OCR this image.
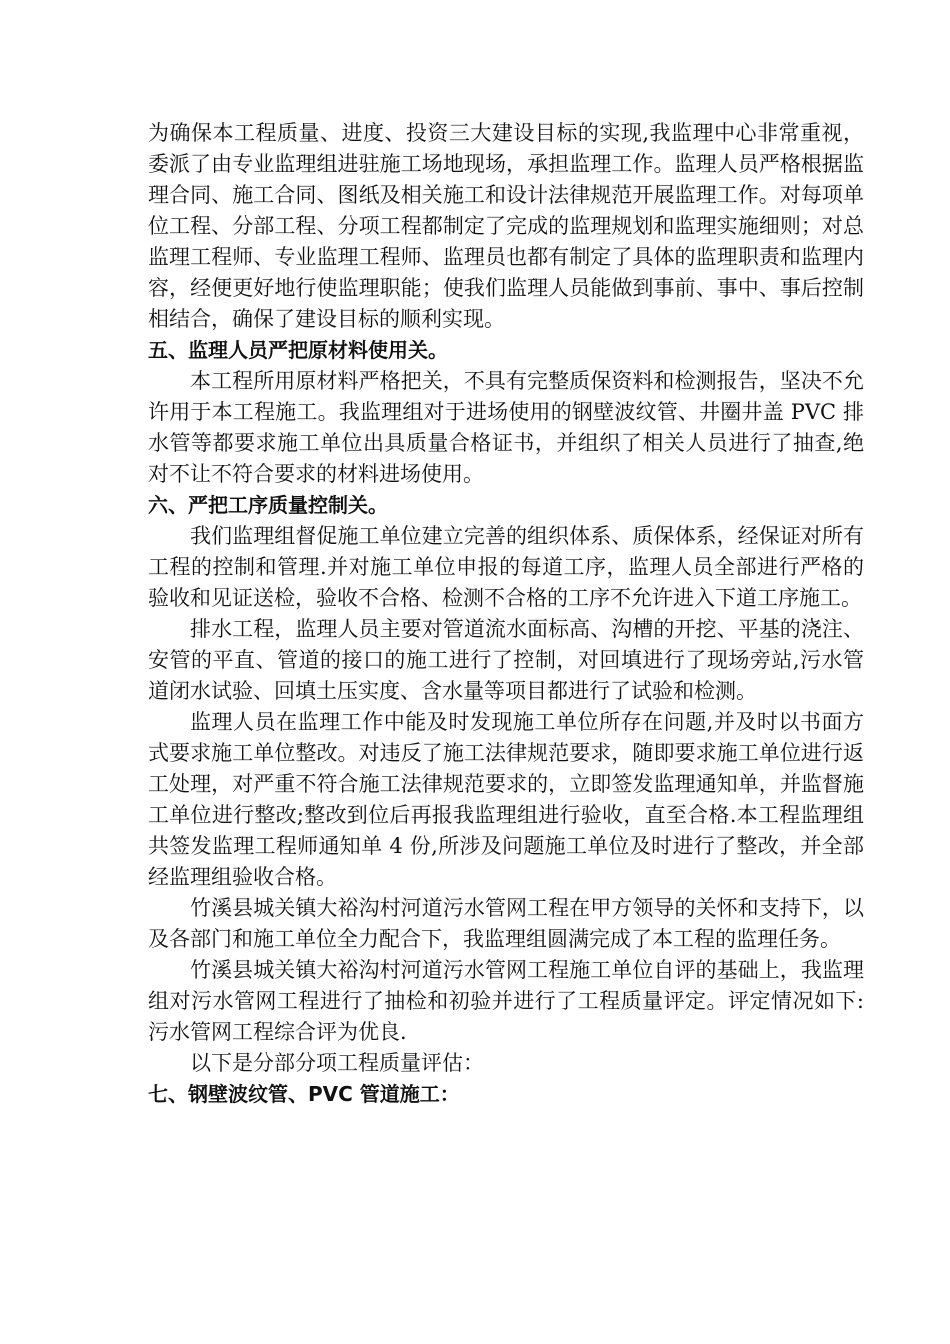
为确保本工程质量、进度、投资三大建设目标的实现,我监理中心非常重视，委派了由专业监理组进驻施工场地现场，承担监理工作。监理人员严格根据监理合同、施工合同、图纸及相关施工和设计法律规范开展监理工作。对每项单位工程、分部工程、分项工程都制定了完成的监理规划和监理实施细则；对总监理工程师、专业监理工程师、监理员也都有制定了具体的监理职责和监理内容，经便更好地行使监理职能；使我们监理人员能做到事前、事中、事后控制相结合，确保了建设目标的顺利实现。

五、监理人员严把原材料使用关。

本工程所用原材料严格把关，不具有完整质保资料和检测报告，坚决不允许用于本工程施工。我监理组对于进场使用的钢壁波纹管、井圈井盖 PVC 排水管等都要求施工单位出具质量合格证书，并组织了相关人员进行了抽查,绝对不让不符合要求的材料进场使用。

六、严把工序质量控制关。

我们监理组督促施工单位建立完善的组织体系、质保体系，经保证对所有工程的控制和管理.并对施工单位申报的每道工序，监理人员全部进行严格的验收和见证送检，验收不合格、检测不合格的工序不允许进入下道工序施工。

排水工程，监理人员主要对管道流水面标高、沟槽的开挖、平基的浇注、安管的平直、管道的接口的施工进行了控制，对回填进行了现场旁站,污水管道闭水试验、回填土压实度、含水量等项目都进行了试验和检测。

监理人员在监理工作中能及时发现施工单位所存在问题,并及时以书面方式要求施工单位整改。对违反了施工法律规范要求，随即要求施工单位进行返工处理，对严重不符合施工法律规范要求的，立即签发监理通知单，并监督施工单位进行整改;整改到位后再报我监理组进行验收，直至合格.本工程监理组共签发监理工程师通知单 4 份,所涉及问题施工单位及时进行了整改，并全部经监理组验收合格。

竹溪县城关镇大裕沟村河道污水管网工程在甲方领导的关怀和支持下，以及各部门和施工单位全力配合下，我监理组圆满完成了本工程的监理任务。

竹溪县城关镇大裕沟村河道污水管网工程施工单位自评的基础上，我监理组对污水管网工程进行了抽检和初验并进行了工程质量评定。评定情况如下:污水管网工程综合评为优良.

以下是分部分项工程质量评估：

七、钢壁波纹管、PVC 管道施工：
